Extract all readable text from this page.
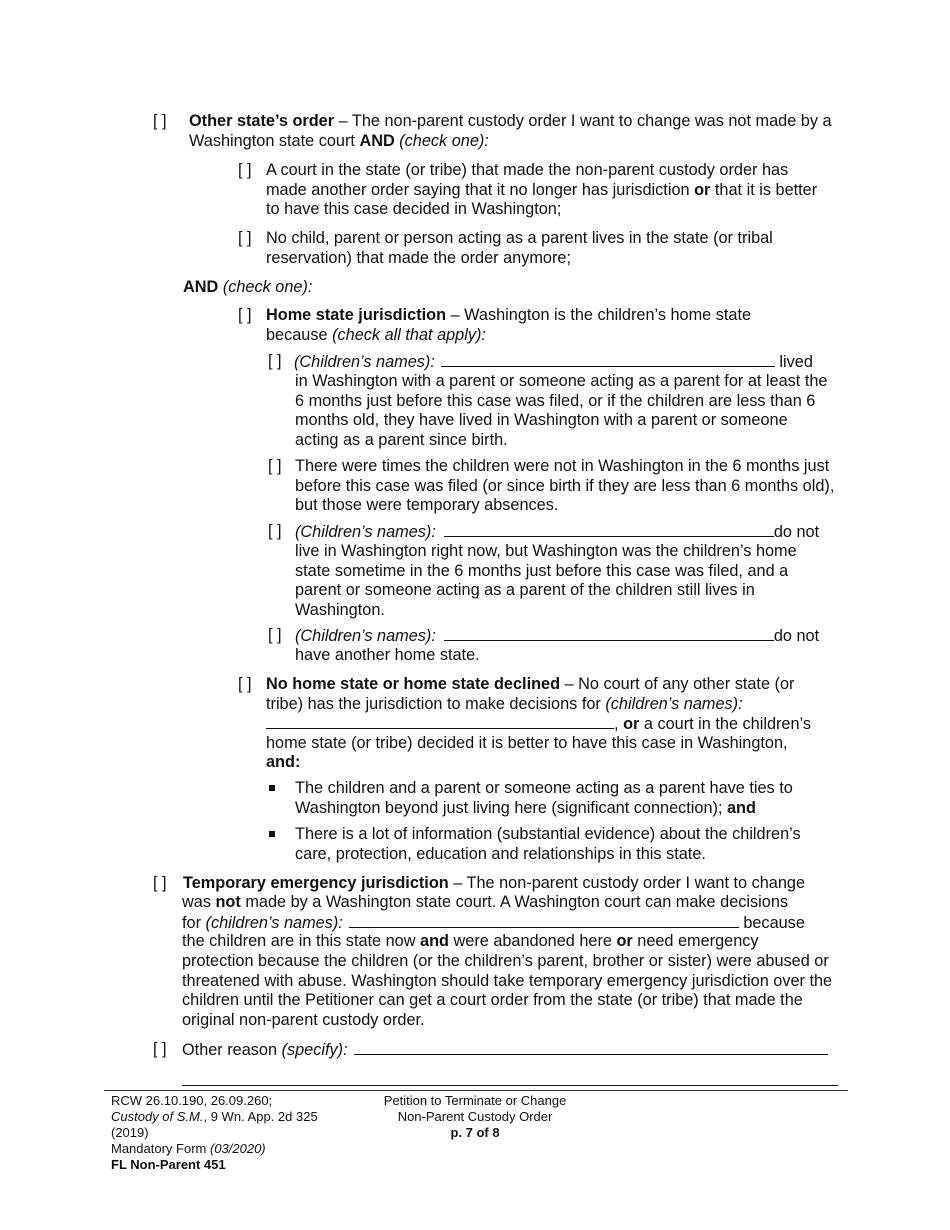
[ ] Other state’s order – The non-parent custody order I want to change was not made by a Washington state court AND (check one):
[ ] A court in the state (or tribe) that made the non-parent custody order has made another order saying that it no longer has jurisdiction or that it is better to have this case decided in Washington;
[ ] No child, parent or person acting as a parent lives in the state (or tribal reservation) that made the order anymore;
AND (check one):
[ ] Home state jurisdiction – Washington is the children’s home state because (check all that apply):
[ ] (Children’s names):	lived
in Washington with a parent or someone acting as a parent for at least the 6 months just before this case was filed, or if the children are less than 6 months old, they have lived in Washington with a parent or someone acting as a parent since birth.
[ ] There were times the children were not in Washington in the 6 months just before this case was filed (or since birth if they are less than 6 months old), but those were temporary absences.
[ ] (Children’s names):	do not
live in Washington right now, but Washington was the children’s home state sometime in the 6 months just before this case was filed, and a parent or someone acting as a parent of the children still lives in Washington.
[ ] (Children’s names):	do not
have another home state.
[ ] No home state or home state declined – No court of any other state (or tribe) has the jurisdiction to make decisions for (children’s names):
, or a court in the children’s
home state (or tribe) decided it is better to have this case in Washington,
and:
The children and a parent or someone acting as a parent have ties to Washington beyond just living here (significant connection); and
There is a lot of information (substantial evidence) about the children’s care, protection, education and relationships in this state.
[ ] Temporary emergency jurisdiction – The non-parent custody order I want to change
was not made by a Washington state court. A Washington court can make decisions
for (children’s names):	because
the children are in this state now and were abandoned here or need emergency
protection because the children (or the children’s parent, brother or sister) were abused or threatened with abuse. Washington should take temporary emergency jurisdiction over the children until the Petitioner can get a court order from the state (or tribe) that made the original non-parent custody order.
[ ] Other reason (specify):
RCW 26.10.190, 26.09.260;
Custody of S.M., 9 Wn. App. 2d 325
(2019)
Mandatory Form (03/2020)
FL Non-Parent 451
Petition to Terminate or Change
Non-Parent Custody Order
p. 7 of 8
